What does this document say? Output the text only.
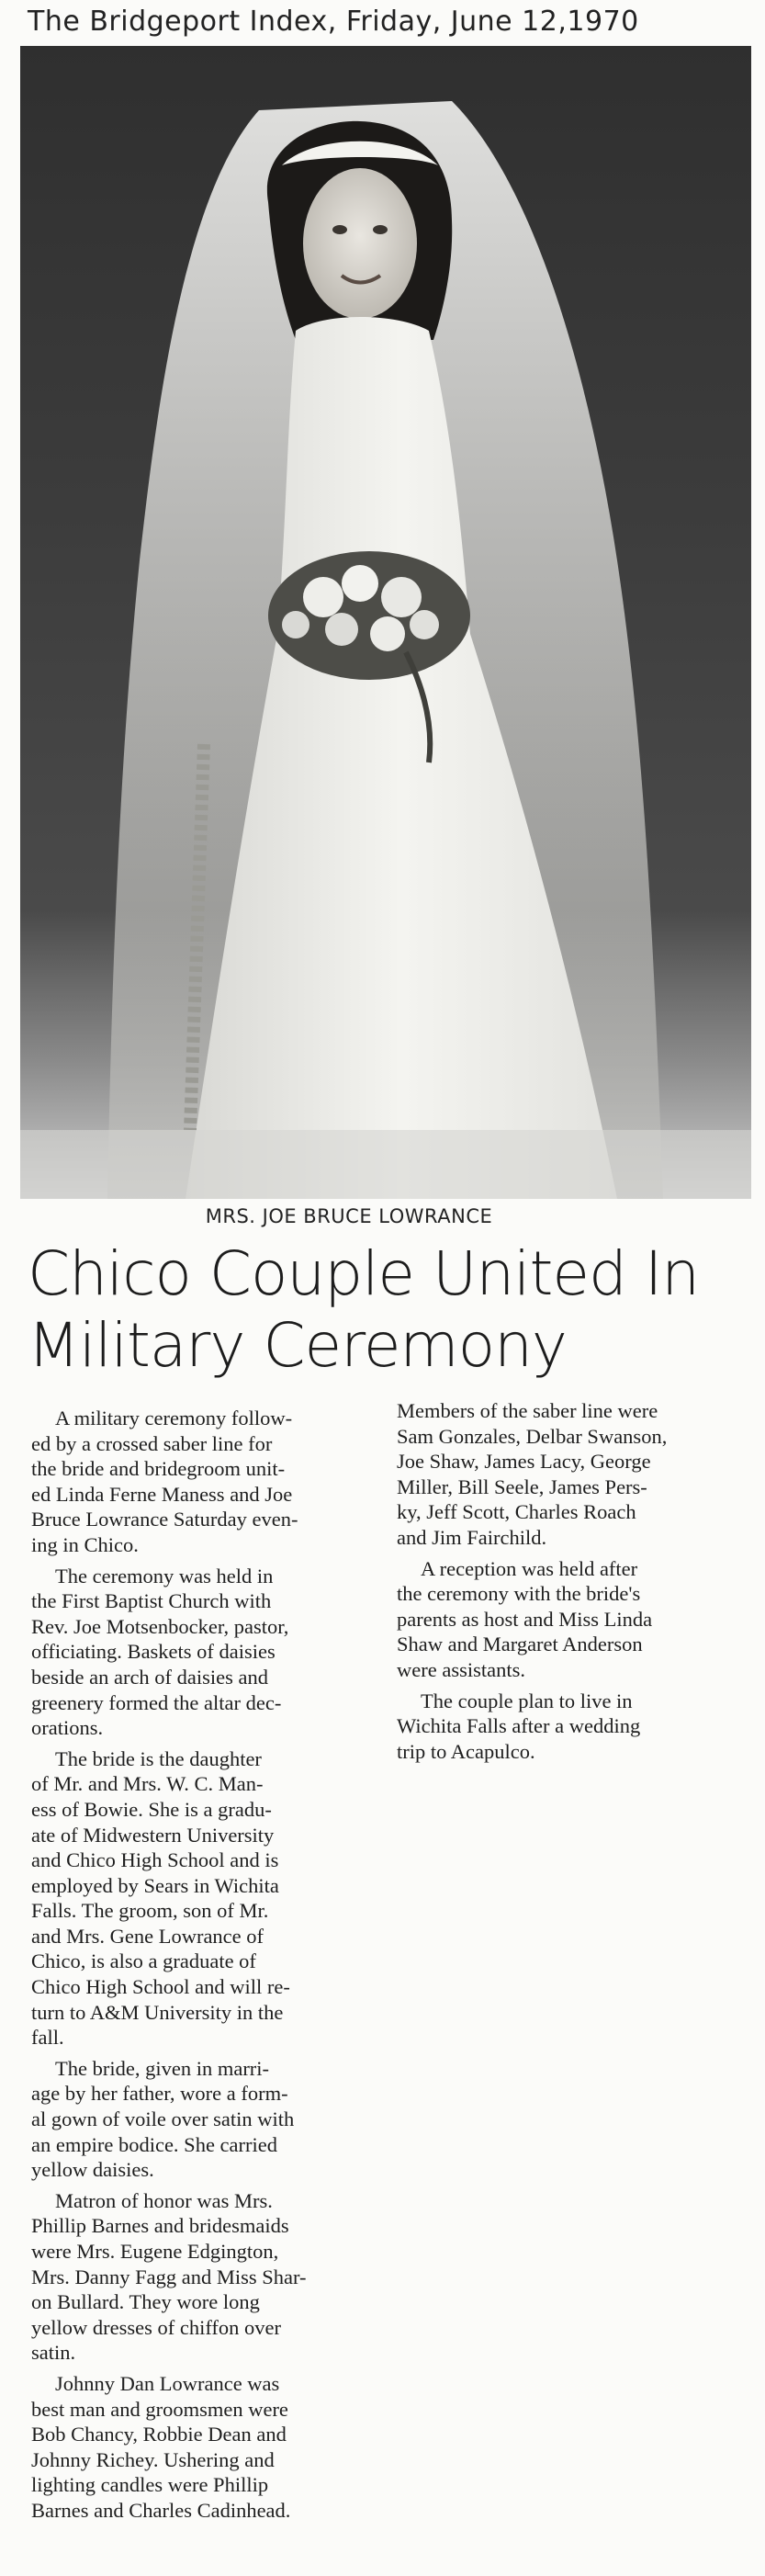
The Bridgeport Index, Friday, June 12,1970
MRS. JOE BRUCE LOWRANCE
Chico Couple United In
Military Ceremony

A military ceremony follow-
ed by a crossed saber line for
the bride and bridegroom unit-
ed Linda Ferne Maness and Joe
Bruce Lowrance Saturday even-
ing in Chico.

The ceremony was held in
the First Baptist Church with
Rev. Joe Motsenbocker, pastor,
officiating. Baskets of daisies
beside an arch of daisies and
greenery formed the altar dec-
orations.

The bride is the daughter
of Mr. and Mrs. W. C. Man-
ess of Bowie. She is a gradu-
ate of Midwestern University
and Chico High School and is
employed by Sears in Wichita
Falls. The groom, son of Mr.
and Mrs. Gene Lowrance of
Chico, is also a graduate of
Chico High School and will re-
turn to A&M University in the
fall.

The bride, given in marri-
age by her father, wore a form-
al gown of voile over satin with
an empire bodice. She carried
yellow daisies.

Matron of honor was Mrs.
Phillip Barnes and bridesmaids
were Mrs. Eugene Edgington,
Mrs. Danny Fagg and Miss Shar-
on Bullard. They wore long
yellow dresses of chiffon over
satin.

Johnny Dan Lowrance was
best man and groomsmen were
Bob Chancy, Robbie Dean and
Johnny Richey. Ushering and
lighting candles were Phillip
Barnes and Charles Cadinhead.

Members of the saber line were
Sam Gonzales, Delbar Swanson,
Joe Shaw, James Lacy, George
Miller, Bill Seele, James Pers-
ky, Jeff Scott, Charles Roach
and Jim Fairchild.

A reception was held after
the ceremony with the bride's
parents as host and Miss Linda
Shaw and Margaret Anderson
were assistants.

The couple plan to live in
Wichita Falls after a wedding
trip to Acapulco.
